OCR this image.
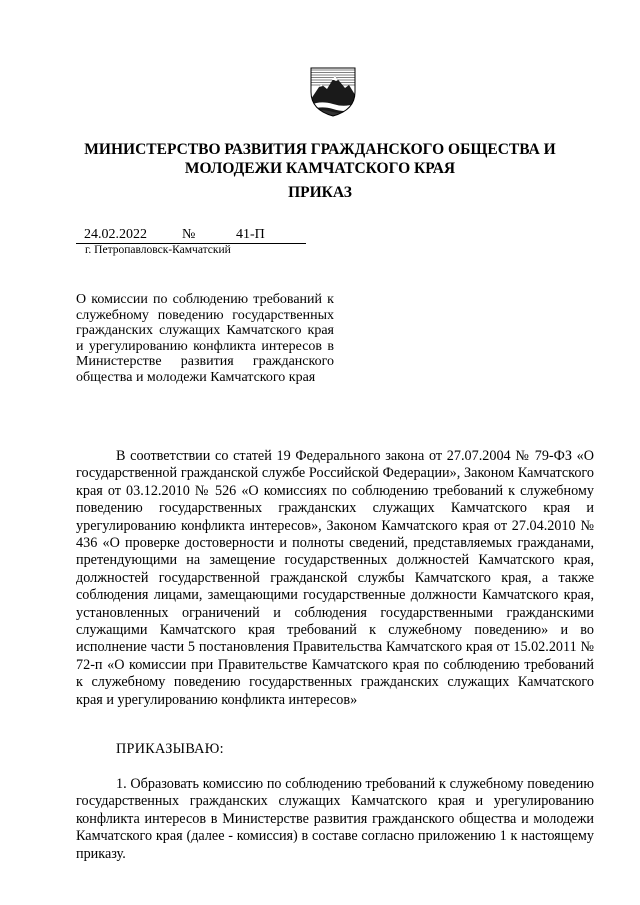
МИНИСТЕРСТВО РАЗВИТИЯ ГРАЖДАНСКОГО ОБЩЕСТВА И
МОЛОДЕЖИ КАМЧАТСКОГО КРАЯ
ПРИКАЗ
24.02.2022	№	41-П
г. Петропавловск-Камчатский
О комиссии по соблюдению требований к служебному поведению государственных гражданских служащих Камчатского края и урегулированию конфликта интересов в Министерстве развития гражданского общества и молодежи Камчатского края
В соответствии со статей 19 Федерального закона от 27.07.2004 № 79-ФЗ «О государственной гражданской службе Российской Федерации», Законом Камчатского края от 03.12.2010 № 526 «О комиссиях по соблюдению требований к служебному поведению государственных гражданских служащих Камчатского края и урегулированию конфликта интересов», Законом Камчатского края от 27.04.2010 № 436 «О проверке достоверности и полноты сведений, представляемых гражданами, претендующими на замещение государственных должностей Камчатского края, должностей государственной гражданской службы Камчатского края, а также соблюдения лицами, замещающими государственные должности Камчатского края, установленных ограничений и соблюдения государственными гражданскими служащими Камчатского края требований к служебному поведению» и во исполнение части 5 постановления Правительства Камчатского края от 15.02.2011 № 72-п «О комиссии при Правительстве Камчатского края по соблюдению требований к служебному поведению государственных гражданских служащих Камчатского края и урегулированию конфликта интересов»
ПРИКАЗЫВАЮ:
1. Образовать комиссию по соблюдению требований к служебному поведению государственных гражданских служащих Камчатского края и урегулированию конфликта интересов в Министерстве развития гражданского общества и молодежи Камчатского края (далее - комиссия) в составе согласно приложению 1 к настоящему приказу.
